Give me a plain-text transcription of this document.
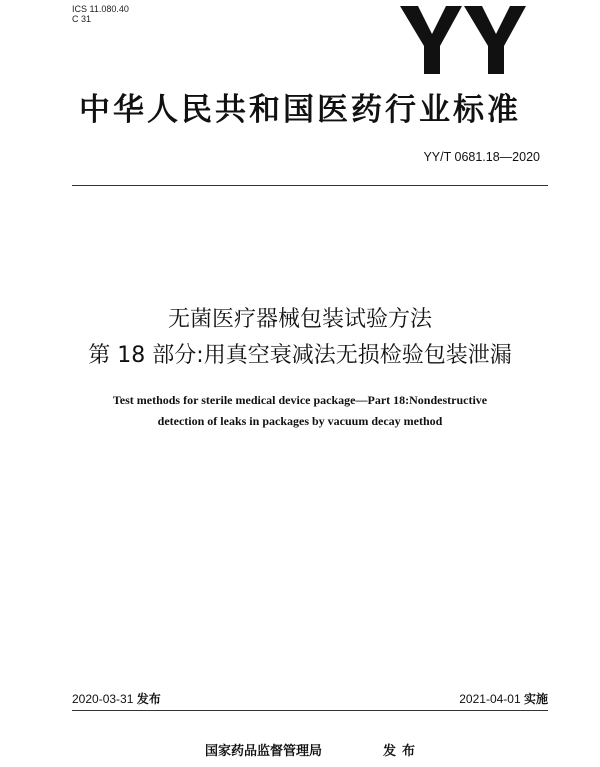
ICS 11.080.40
C 31
中华人民共和国医药行业标准
YY/T 0681.18—2020
无菌医疗器械包装试验方法
第 18 部分:用真空衰减法无损检验包装泄漏
Test methods for sterile medical device package—Part 18:Nondestructive
detection of leaks in packages by vacuum decay method
2020-03-31 发布	2021-04-01 实施
国家药品监督管理局	发布
